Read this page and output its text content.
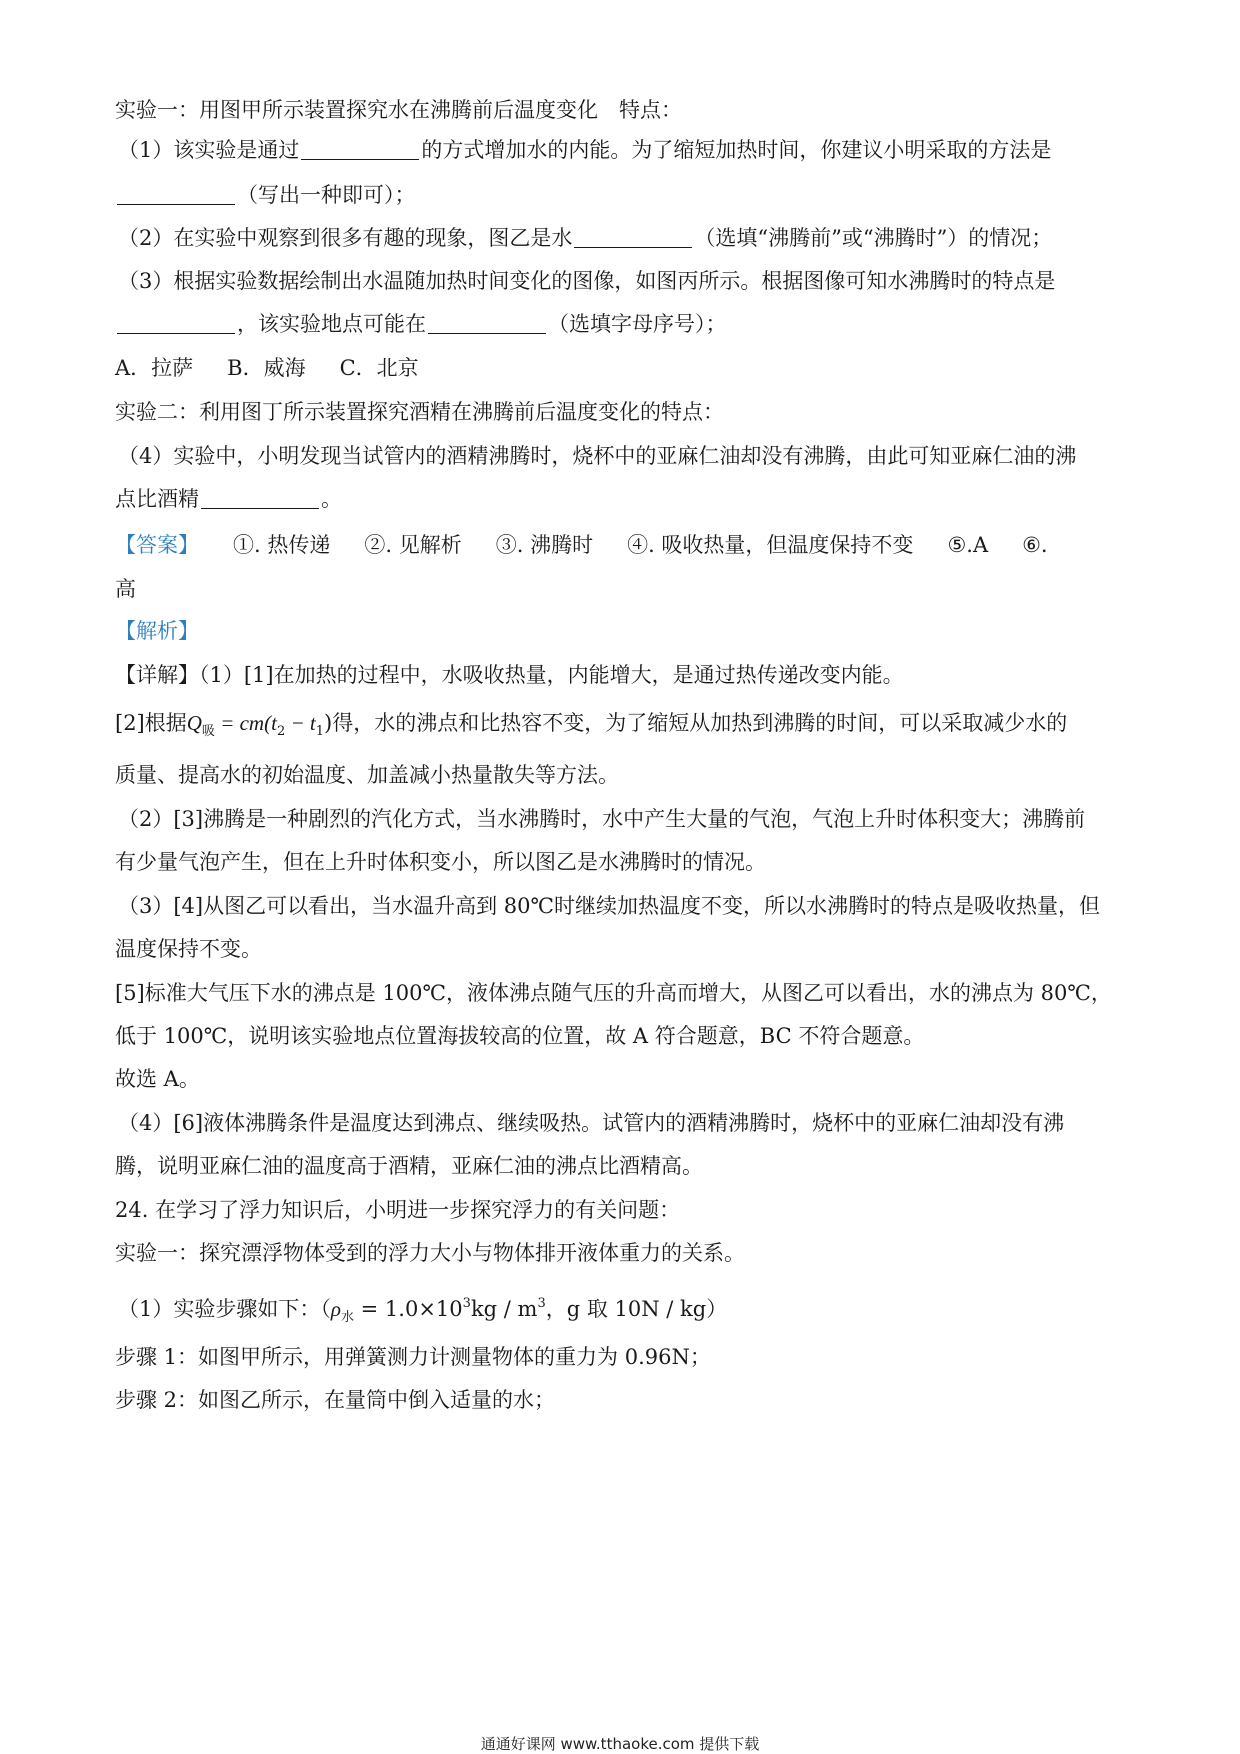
实验一：用图甲所示装置探究水在沸腾前后温度变化　特点：
（1）该实验是通过	的方式增加水的内能。为了缩短加热时间，你建议小明采取的方法是
（写出一种即可）；
（2）在实验中观察到很多有趣的现象，图乙是水	（选填“沸腾前”或“沸腾时”）的情况；
（3）根据实验数据绘制出水温随加热时间变化的图像，如图丙所示。根据图像可知水沸腾时的特点是
，该实验地点可能在	（选填字母序号）；
A．拉萨 B．威海 C．北京
实验二：利用图丁所示装置探究酒精在沸腾前后温度变化的特点：
（4）实验中，小明发现当试管内的酒精沸腾时，烧杯中的亚麻仁油却没有沸腾，由此可知亚麻仁油的沸
点比酒精	。
【答案】 ①. 热传递 ②. 见解析 ③. 沸腾时 ④. 吸收热量，但温度保持不变 ⑤.A ⑥.
高
【解析】
【详解】（1）[1]在加热的过程中，水吸收热量，内能增大，是通过热传递改变内能。
[2]根据$Q_吸 = cm(t_2 - t_1)$得，水的沸点和比热容不变，为了缩短从加热到沸腾的时间，可以采取减少水的
质量、提高水的初始温度、加盖减小热量散失等方法。
（2）[3]沸腾是一种剧烈的汽化方式，当水沸腾时，水中产生大量的气泡，气泡上升时体积变大；沸腾前
有少量气泡产生，但在上升时体积变小，所以图乙是水沸腾时的情况。
（3）[4]从图乙可以看出，当水温升高到 80℃时继续加热温度不变，所以水沸腾时的特点是吸收热量，但
温度保持不变。
[5]标准大气压下水的沸点是 100℃，液体沸点随气压的升高而增大，从图乙可以看出，水的沸点为 80℃，
低于 100℃，说明该实验地点位置海拔较高的位置，故 A 符合题意，BC 不符合题意。
故选 A。
（4）[6]液体沸腾条件是温度达到沸点、继续吸热。试管内的酒精沸腾时，烧杯中的亚麻仁油却没有沸
腾，说明亚麻仁油的温度高于酒精，亚麻仁油的沸点比酒精高。
24. 在学习了浮力知识后，小明进一步探究浮力的有关问题：
实验一：探究漂浮物体受到的浮力大小与物体排开液体重力的关系。
（1）实验步骤如下：（$\rho_水 = 1.0\times 10^3kg / m^3$，g 取 10N / kg）
步骤 1：如图甲所示，用弹簧测力计测量物体的重力为 0.96N；
步骤 2：如图乙所示，在量筒中倒入适量的水；
通通好课网 www.tthaoke.com 提供下载
